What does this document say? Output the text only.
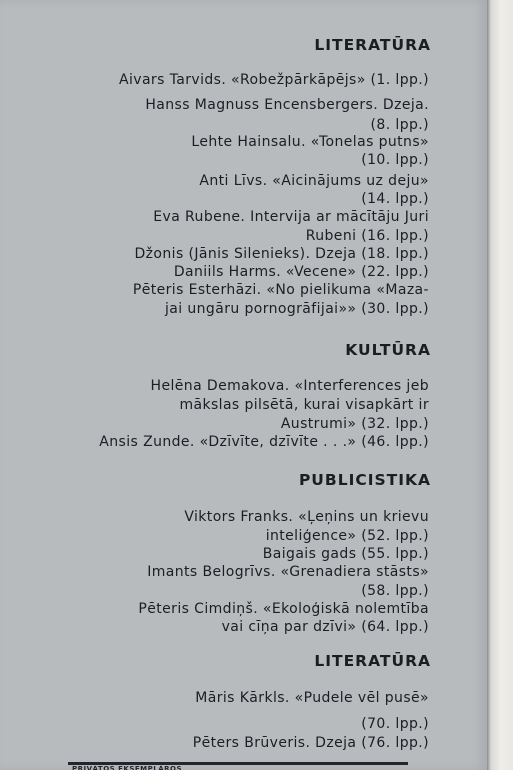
LITERATŪRA
Aivars Tarvids. «Robežpārkāpējs» (1. lpp.)
Hanss Magnuss Encensbergers. Dzeja.
(8. lpp.)
Lehte Hainsalu. «Tonelas putns»
(10. lpp.)
Anti Līvs. «Aicinājums uz deju»
(14. lpp.)
Eva Rubene. Intervija ar mācītāju Juri
Rubeni (16. lpp.)
Džonis (Jānis Silenieks). Dzeja (18. lpp.)
Daniils Harms. «Vecene» (22. lpp.)
Pēteris Esterhāzi. «No pielikuma «Maza-
jai ungāru pornogrāfijai»» (30. lpp.)
KULTŪRA
Helēna Demakova. «Interferences jeb
mākslas pilsētā, kurai visapkārt ir
Austrumi» (32. lpp.)
Ansis Zunde. «Dzīvīte, dzīvīte . . .» (46. lpp.)
PUBLICISTIKA
Viktors Franks. «Ļeņins un krievu
inteliģence» (52. lpp.)
Baigais gads (55. lpp.)
Imants Belogrīvs. «Grenadiera stāsts»
(58. lpp.)
Pēteris Cimdiņš. «Ekoloģiskā nolemtība
vai cīņa par dzīvi» (64. lpp.)
LITERATŪRA
Māris Kārkls. «Pudele vēl pusē»
(70. lpp.)
Pēters Brūveris. Dzeja (76. lpp.)
PRIVĀTOS EKSEMPLĀROS
